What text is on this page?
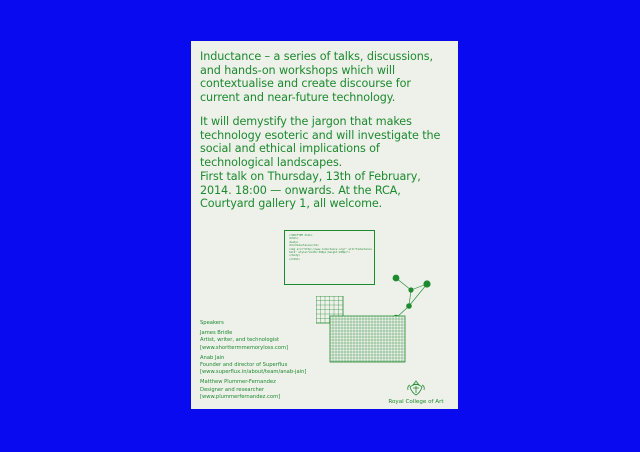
Inductance – a series of talks, discussions, and hands-on workshops which will contextualise and create discourse for current and near-future technology.

It will demystify the jargon that makes technology esoteric and will investigate the social and ethical implications of technological landscapes.

First talk on Thursday, 13th of February, 2014. 18:00 — onwards. At the RCA, Courtyard gallery 1, all welcome.

<!DOCTYPE html>
<html>
<body>
<h1>Inductance</h1>
<img src="http://www.inductance.org/" alt="Inductance
talk" style="width:304px;height:228px">
</body>
</html>
Speakers
James Bridle
Artist, writer, and technologist
[www.shorttermmemoryloss.com]
Anab Jain
Founder and director of Superflux
[www.superflux.in/about/team/anab-jain]
Matthew Plummer-Fernandez
Designer and researcher
[www.plummerfernandez.com]
Royal College of Art
